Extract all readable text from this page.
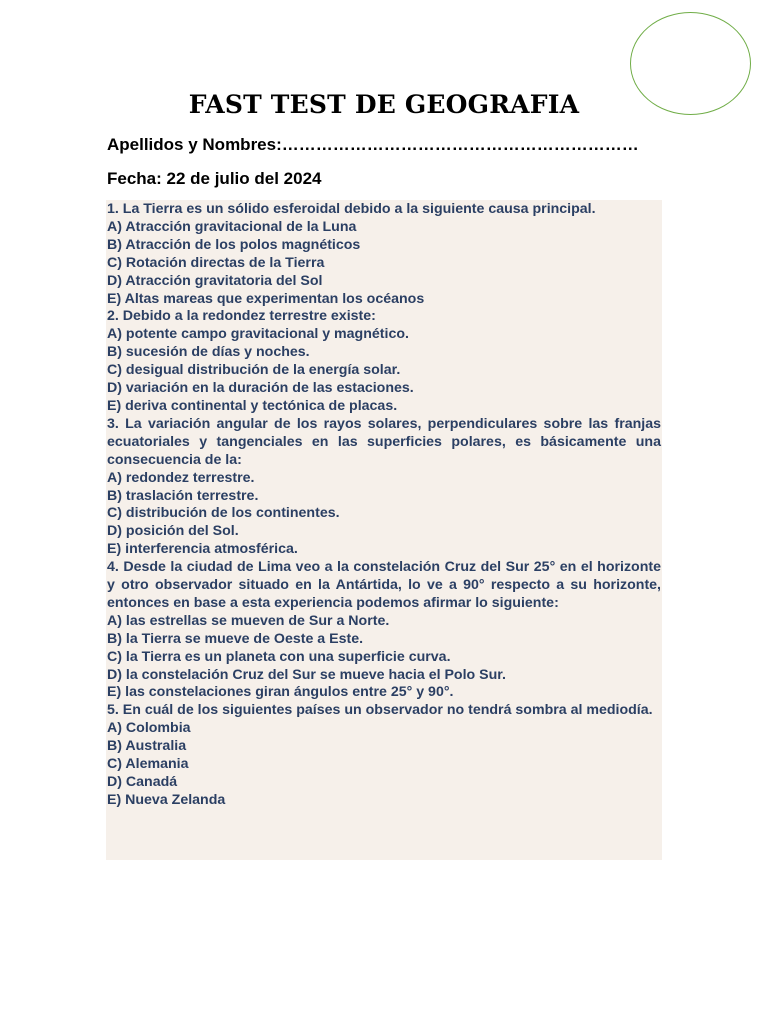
FAST TEST DE GEOGRAFIA
Apellidos y Nombres:………………………………………………………
Fecha: 22 de julio del 2024
1. La Tierra es un sólido esferoidal debido a la siguiente causa principal.
A) Atracción gravitacional de la Luna
B) Atracción de los polos magnéticos
C) Rotación directas de la Tierra
D) Atracción gravitatoria del Sol
E) Altas mareas que experimentan los océanos
2. Debido a la redondez terrestre existe:
A) potente campo gravitacional y magnético.
B) sucesión de días y noches.
C) desigual distribución de la energía solar.
D) variación en la duración de las estaciones.
E) deriva continental y tectónica de placas.
3. La variación angular de los rayos solares, perpendiculares sobre las franjas ecuatoriales y tangenciales en las superficies polares, es básicamente una consecuencia de la:
A) redondez terrestre.
B) traslación terrestre.
C) distribución de los continentes.
D) posición del Sol.
E) interferencia atmosférica.
4. Desde la ciudad de Lima veo a la constelación Cruz del Sur 25° en el horizonte y otro observador situado en la Antártida, lo ve a 90° respecto a su horizonte, entonces en base a esta experiencia podemos afirmar lo siguiente:
A) las estrellas se mueven de Sur a Norte.
B) la Tierra se mueve de Oeste a Este.
C) la Tierra es un planeta con una superficie curva.
D) la constelación Cruz del Sur se mueve hacia el Polo Sur.
E) las constelaciones giran ángulos entre 25° y 90°.
5. En cuál de los siguientes países un observador no tendrá sombra al mediodía.
A) Colombia
B) Australia
C) Alemania
D) Canadá
E) Nueva Zelanda
